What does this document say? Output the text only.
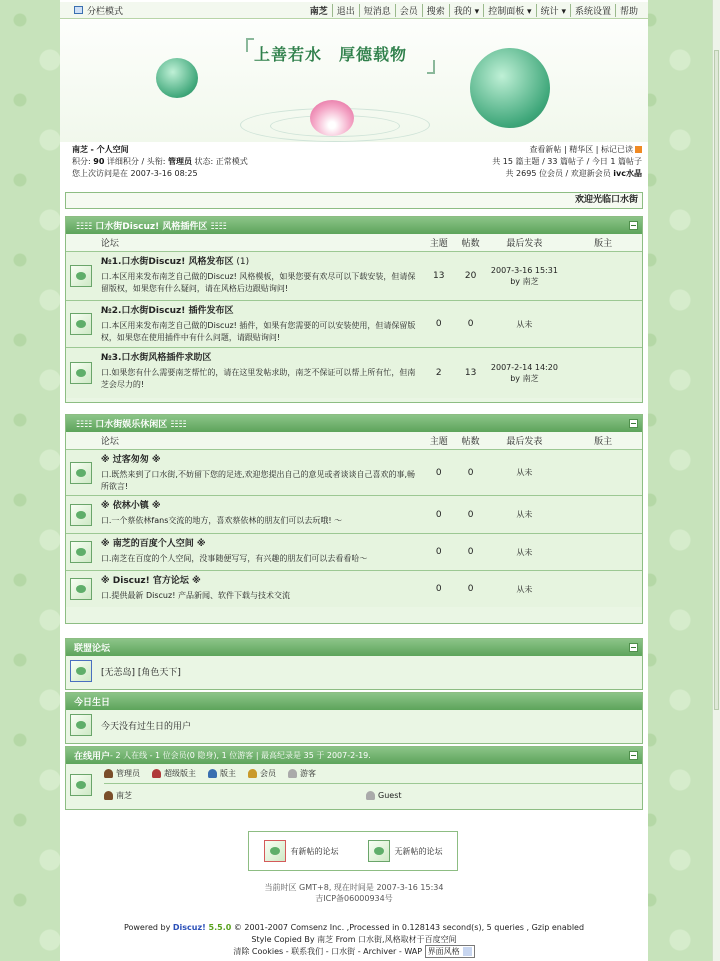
分栏模式	南芝	退出	短消息	会员	搜索	我的 ▾	控制面板 ▾	统计 ▾	系统设置	帮助
上善若水　厚德载物
南芝 - 个人空间
积分: 90 详细积分 / 头衔: 管理员 状态: 正常模式
您上次访问是在 2007-3-16 08:25
查看新帖 | 精华区 | 标记已读
共 15 篇主题 / 33 篇帖子 / 今日 1 篇帖子
共 2695 位会员 / 欢迎新会员 ivc水晶
欢迎光临口水街
☷☷ 口水街Discuz! 风格插件区 ☷☷
论坛	主题	帖数	最后发表	版主
№1.口水街Discuz! 风格发布区 (1)
口.本区用来发布南芝自己做的Discuz! 风格模板，如果您要有欢尽可以下载安装，但请保留版权，如果您有什么疑问，请在风格后边跟贴询问!
13	20
2007-3-16 15:31
by 南芝
№2.口水街Discuz! 插件发布区
口.本区用来发布南芝自己做的Discuz! 插件，如果有您需要的可以安装使用，但请保留版权，如果您在使用插件中有什么问题，请跟贴询问!
0	0	从未
№3.口水街风格插件求助区
口.如果您有什么需要南芝帮忙的，请在这里发帖求助，南芝不保证可以帮上所有忙，但南芝会尽力的!
2	13
2007-2-14 14:20
by 南芝
☷☷ 口水街娱乐休闲区 ☷☷
论坛	主题	帖数	最后发表	版主
※ 过客匆匆 ※
口.既然来到了口水街,不妨留下您的足迹,欢迎您提出自己的意见或者谈谈自己喜欢的事,畅所欲言!
0	0	从未
※ 依林小镇 ※
口.一个蔡依林fans交流的地方，喜欢蔡依林的朋友们可以去玩哦! ～
0	0	从未
※ 南芝的百度个人空间 ※
口.南芝在百度的个人空间，没事随便写写，有兴趣的朋友们可以去看看哈～
0	0	从未
※ Discuz! 官方论坛 ※
口.提供最新 Discuz! 产品新闻、软件下载与技术交流
0	0	从未
联盟论坛
[无恙岛] [角色天下]
今日生日
今天没有过生日的用户
在线用户 - 2 人在线 - 1 位会员(0 隐身), 1 位游客 | 最高纪录是 35 于 2007-2-19.
管理员	超级版主	版主	会员	游客
南芝	Guest
有新帖的论坛	无新帖的论坛
当前时区 GMT+8, 现在时间是 2007-3-16 15:34
吉ICP备06000934号
Powered by Discuz! 5.5.0 © 2001-2007 Comsenz Inc. ,Processed in 0.128143 second(s), 5 queries , Gzip enabled
Style Copied By 南芝 From 口水街,风格取材于百度空间
清除 Cookies - 联系我们 - 口水街 - Archiver - WAP 界面风格
